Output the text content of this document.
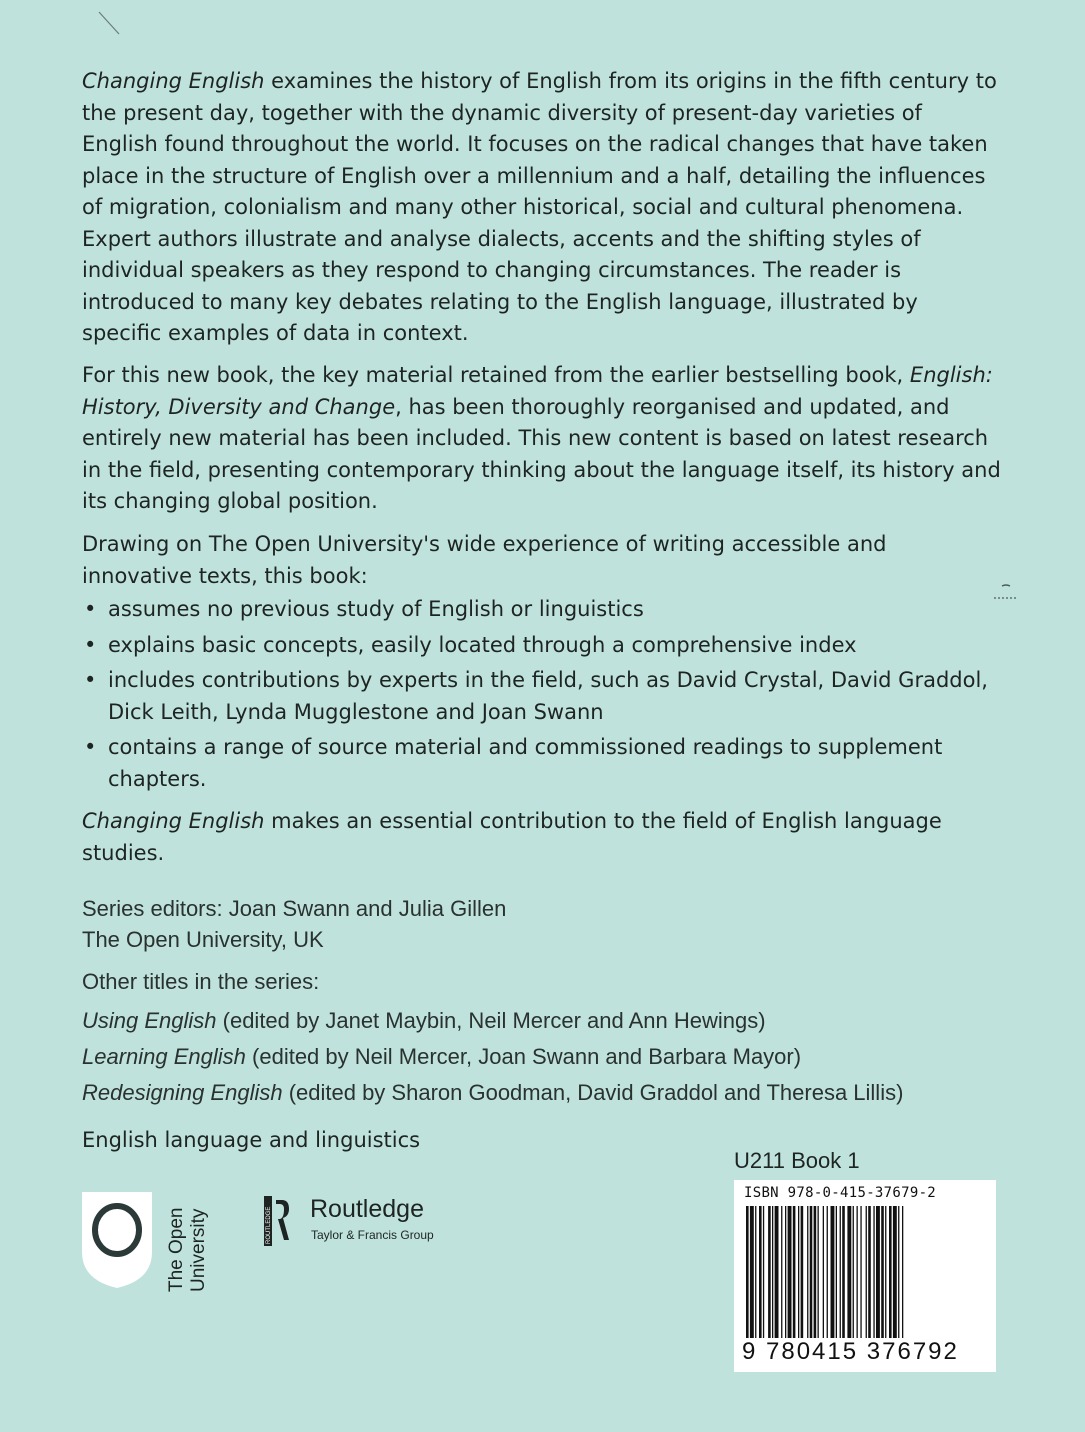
Changing English examines the history of English from its origins in the fifth century to the present day, together with the dynamic diversity of present-day varieties of English found throughout the world. It focuses on the radical changes that have taken place in the structure of English over a millennium and a half, detailing the influences of migration, colonialism and many other historical, social and cultural phenomena. Expert authors illustrate and analyse dialects, accents and the shifting styles of individual speakers as they respond to changing circumstances. The reader is introduced to many key debates relating to the English language, illustrated by specific examples of data in context.

For this new book, the key material retained from the earlier bestselling book, English: History, Diversity and Change, has been thoroughly reorganised and updated, and entirely new material has been included. This new content is based on latest research in the field, presenting contemporary thinking about the language itself, its history and its changing global position.

Drawing on The Open University's wide experience of writing accessible and innovative texts, this book:

• assumes no previous study of English or linguistics
• explains basic concepts, easily located through a comprehensive index
• includes contributions by experts in the field, such as David Crystal, David Graddol, Dick Leith, Lynda Mugglestone and Joan Swann
• contains a range of source material and commissioned readings to supplement chapters.

Changing English makes an essential contribution to the field of English language studies.

Series editors: Joan Swann and Julia Gillen

The Open University, UK

Other titles in the series:

Using English (edited by Janet Maybin, Neil Mercer and Ann Hewings)

Learning English (edited by Neil Mercer, Joan Swann and Barbara Mayor)

Redesigning English (edited by Sharon Goodman, David Graddol and Theresa Lillis)

English language and linguistics

The Open University	ROUTLEDGE Routledge

Taylor & Francis Group

U211 Book 1

ISBN 978-0-415-37679-2

9 780415 376792
